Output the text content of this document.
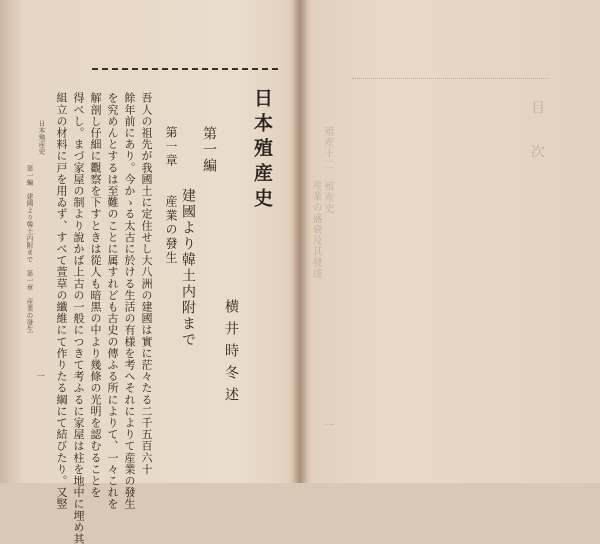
日本殖産史
第一編
建國より韓土内附まで
第一章
産業の發生
横井時冬述
吾人の祖先が我國土に定住せし大八洲の建國は實に茫々たる二千五百六十
餘年前にあり。今かゝる太古に於ける生活の有様を考へそれによりて産業の發生
を究めんとするは至難のことに属すれども古史の傳ふる所によりて、一々これを
解剖し仔細に觀察を下すときは從人も暗黒の中より幾條の光明を認むることを
得べし。まづ家屋の制より說かば上古の一般につきて考ふるに家屋は柱を地中に埋め其
組立の材料に戸を用ゐず、すべて萱草の纖維にて作りたる綱にて結びたり。又竪
日本殖産史
第一編　建國より韓土内附まで　第一章　産業の發生
一
目　次
殖産十二　殖産史
産業の盛衰及其發達
一
